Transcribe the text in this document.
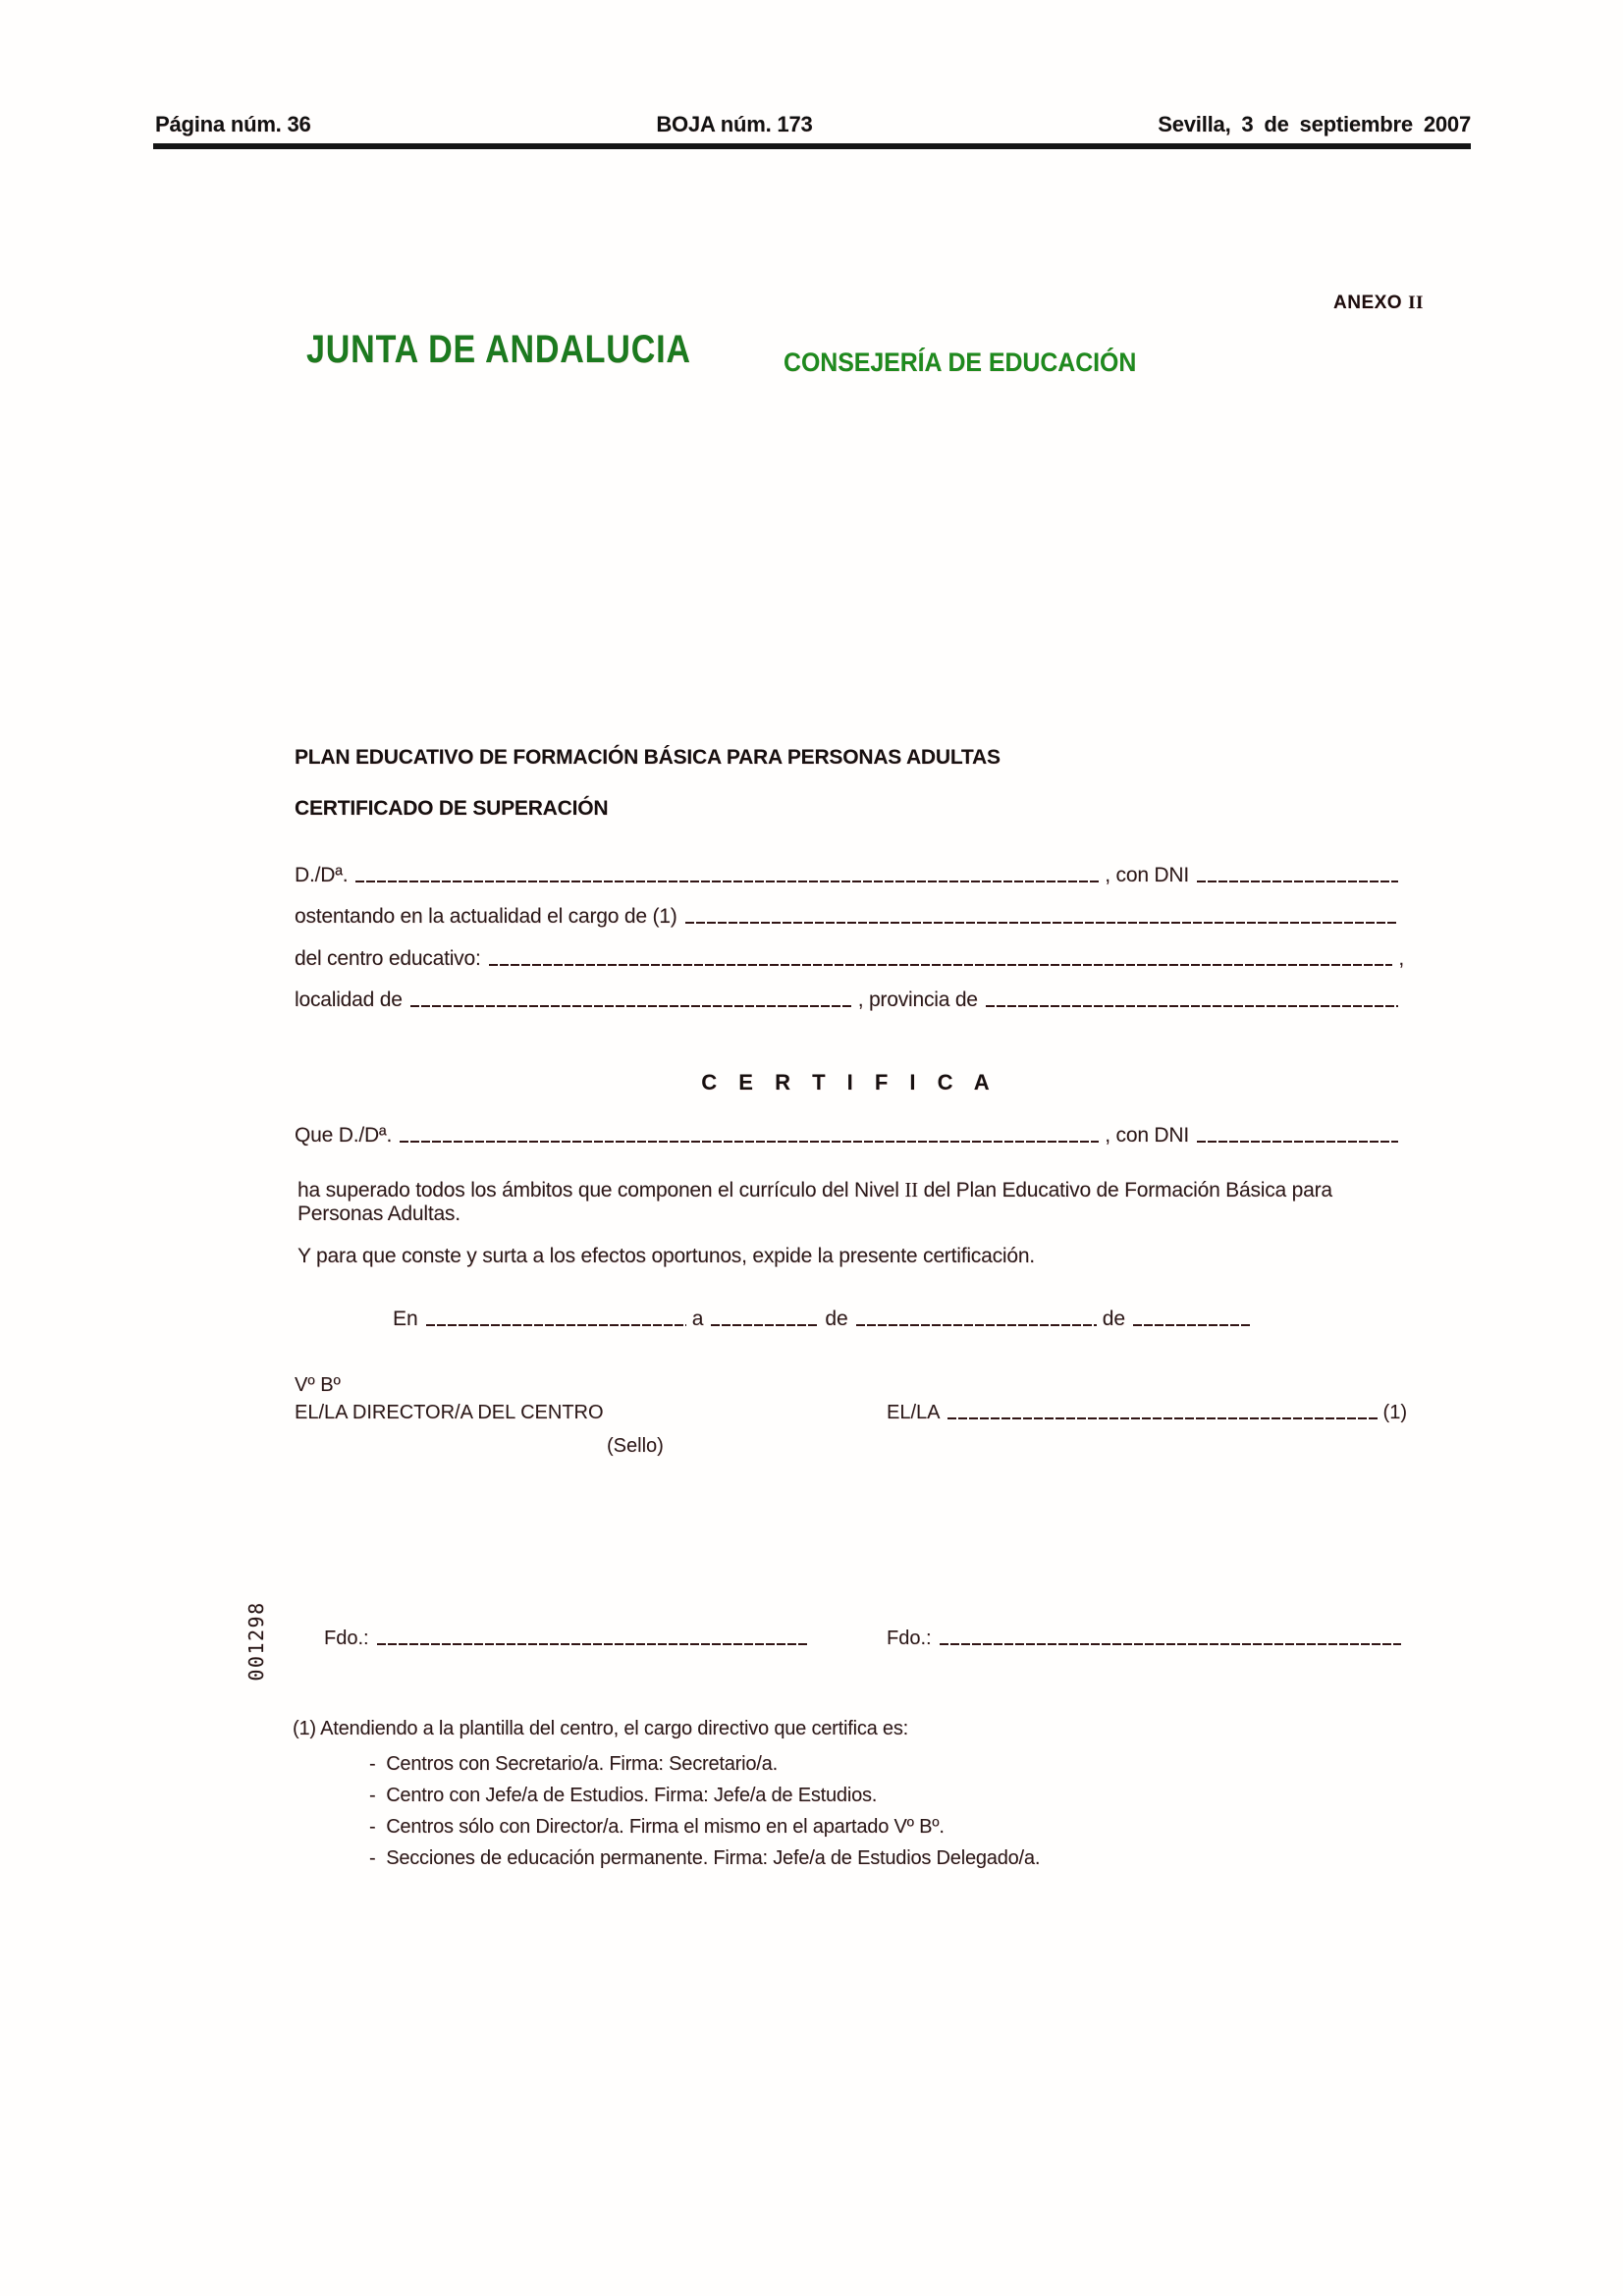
Página núm. 36	BOJA núm. 173	Sevilla, 3 de septiembre 2007
ANEXO II
JUNTA DE ANDALUCIA	CONSEJERÍA DE EDUCACIÓN
PLAN EDUCATIVO DE FORMACIÓN BÁSICA PARA PERSONAS ADULTAS
CERTIFICADO DE SUPERACIÓN
D./Dª.	, con DNI
ostentando en la actualidad el cargo de (1)
del centro educativo:	,
localidad de	, provincia de
C E R T I F I C A
Que D./Dª.	, con DNI
ha superado todos los ámbitos que componen el currículo del Nivel II del Plan Educativo de Formación Básica para Personas Adultas.
Y para que conste y surta a los efectos oportunos, expide la presente certificación.
En	a	de	de
Vº Bº
EL/LA DIRECTOR/A DEL CENTRO
(Sello)
EL/LA	(1)
Fdo.:	Fdo.:
001298
(1) Atendiendo a la plantilla del centro, el cargo directivo que certifica es:
- Centros con Secretario/a. Firma: Secretario/a.
- Centro con Jefe/a de Estudios. Firma: Jefe/a de Estudios.
- Centros sólo con Director/a. Firma el mismo en el apartado Vº Bº.
- Secciones de educación permanente. Firma: Jefe/a de Estudios Delegado/a.
